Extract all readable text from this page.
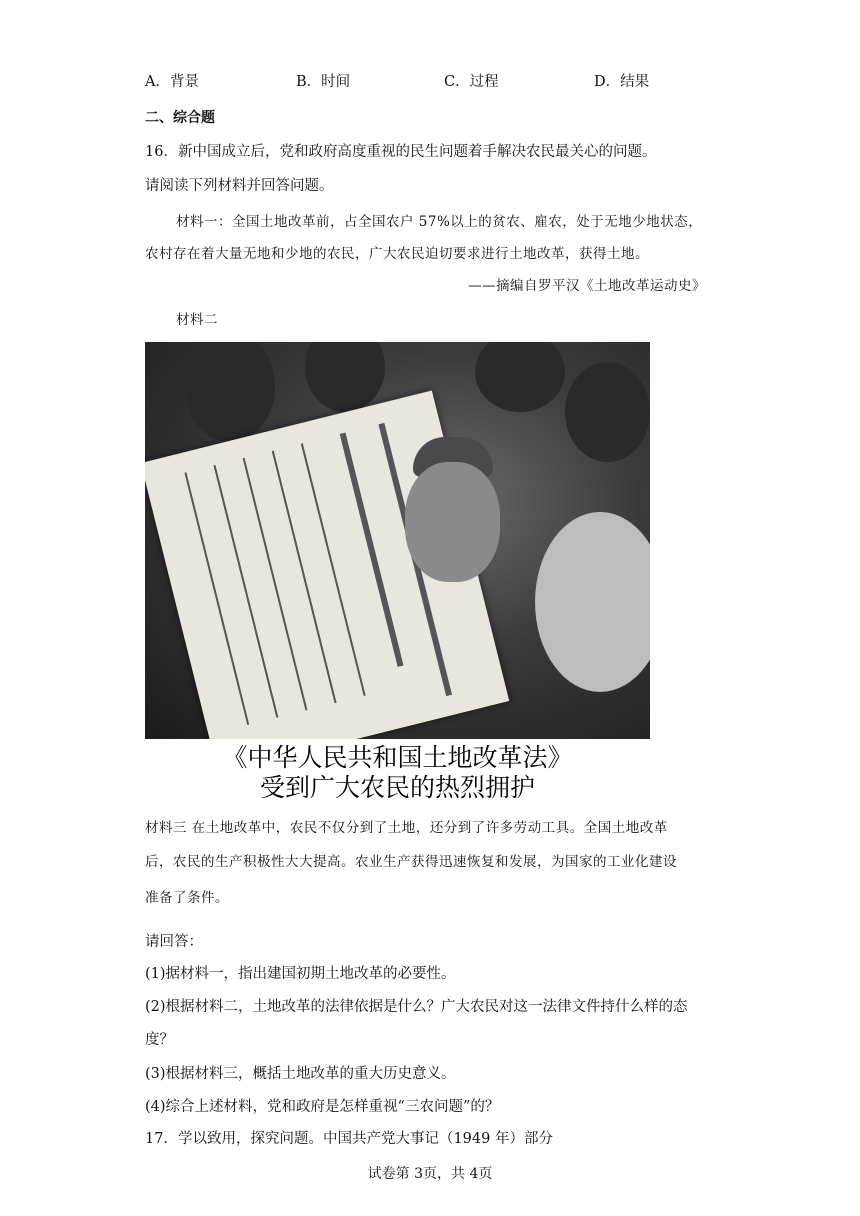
A．背景	B．时间	C．过程	D．结果
二、综合题
16．新中国成立后，党和政府高度重视的民生问题着手解决农民最关心的问题。
请阅读下列材料并回答问题。
材料一：全国土地改革前，占全国农户 57%以上的贫农、雇农，处于无地少地状态，
农村存在着大量无地和少地的农民，广大农民迫切要求进行土地改革，获得土地。
——摘编自罗平汉《土地改革运动史》
材料二
《中华人民共和国土地改革法》
受到广大农民的热烈拥护
材料三 在土地改革中，农民不仅分到了土地，还分到了许多劳动工具。全国土地改革
后，农民的生产积极性大大提高。农业生产获得迅速恢复和发展，为国家的工业化建设
准备了条件。
请回答：
(1)据材料一，指出建国初期土地改革的必要性。
(2)根据材料二，土地改革的法律依据是什么？广大农民对这一法律文件持什么样的态
度？
(3)根据材料三，概括土地改革的重大历史意义。
(4)综合上述材料，党和政府是怎样重视“三农问题”的？
17．学以致用，探究问题。中国共产党大事记（1949 年）部分
试卷第 3页，共 4页
